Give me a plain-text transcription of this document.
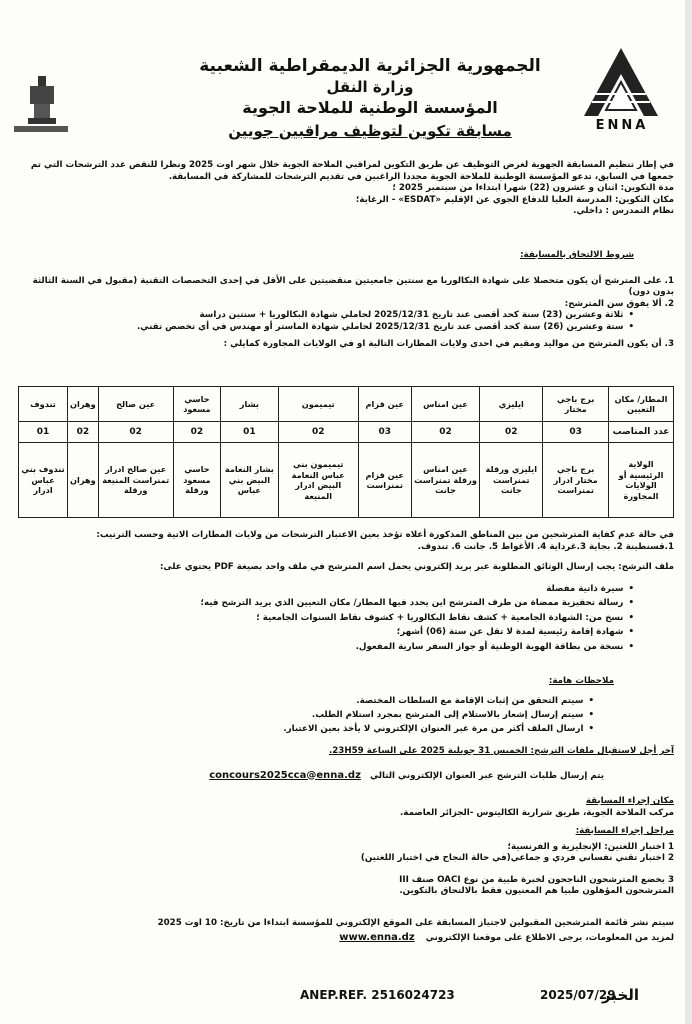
ENNA
الجمهورية الجزائرية الديمقراطية الشعبية
وزارة النقل
المؤسسة الوطنية للملاحة الجوية
مسابقة تكوين لتوظيف مراقبين جويين
في إطار تنظيم المسابقة الجهوية لغرض التوظيف عن طريق التكوين لمراقبي الملاحة الجوية خلال شهر اوت 2025 ونظرا للنقص عدد الترشحات التي تم جمعها في السابق، تدعو المؤسسة الوطنية للملاحة الجوية مجددا الراغبين في تقديم الترشحات للمشاركة في المسابقة.
مدة التكوين: اثنان و عشرون (22) شهرا ابتداءا من سبتمبر 2025 ؛
مكان التكوين: المدرسة العليا للدفاع الجوي عن الإقليم «ESDAT» - الرغاية؛
نظام التمدرس : داخلي.
شروط الالتحاق بالمسابقة:
1. على المترشح أن يكون متحصلا على شهادة البكالوريا مع سنتين جامعيتين منقضيتين على الأقل في إحدى التخصصات التقنية (مقبول في السنة الثالثة بدون دون)
2. ألا يفوق سن المترشح:
• ثلاثة وعشرين (23) سنة كحد أقصى عند تاريخ 2025/12/31 لحاملي شهادة البكالوريا + سنتين دراسة
• ستة وعشرين (26) سنة كحد أقصى عند تاريخ 2025/12/31 لحاملي شهادة الماستر أو مهندس في أي تخصص تقني.
3. أن يكون المترشح من مواليد ومقيم في احدى ولايات المطارات التالية او في الولايات المجاورة كمايلي :
المطار/ مكان التعيين	برج باجي مختار	ايليزي	عين امناس	عين قزام	تيميمون	بشار	حاسي مسعود	عين صالح	وهران	تندوف
عدد المناصب	03	02	02	03	02	01	02	02	02	01
الولاية الرئيسية أو الولايات المجاورة	برج باجي مختار ادرار تمنراست	ايليزي ورقلة تمنراست جانت	عين امناس ورقلة تمنراست جانت	عين قزام تمنراست	تيميمون بني عباس النعامة البيض ادرار المنيعة	بشار النعامة البيض بني عباس	حاسي مسعود ورقلة	عين صالح ادرار تمنراست المنيعة ورقلة	وهران	تندوف بني عباس ادرار
في حالة عدم كفاية المترشحين من بين المناطق المذكورة أعلاه تؤخذ بعين الاعتبار الترشحات من ولايات المطارات الاتية وحسب الترتيب:
1.قسنطينة 2. بجاية 3.غرداية 4. الأغواط 5. جانت 6. تندوف.
ملف الترشح: يجب إرسال الوثائق المطلوبة عبر بريد إلكتروني يحمل اسم المترشح في ملف واحد بصيغة PDF يحتوي على:
• سيرة ذاتية مفصلة
• رسالة تحفيزية ممضاة من طرف المترشح اين يحدد فيها المطار/ مكان التعيين الذي يريد الترشح فيه؛
• نسخ من: الشهادة الجامعية + كشف نقاط البكالوريا + كشوف نقاط السنوات الجامعية ؛
• شهادة إقامة رئيسية لمدة لا تقل عن ستة (06) أشهر؛
• نسخة من بطاقة الهوية الوطنية أو جواز السفر سارية المفعول.
ملاحظات هامة:
• سيتم التحقق من إثبات الإقامة مع السلطات المختصة.
• سيتم إرسال إشعار بالاستلام إلى المترشح بمجرد استلام الطلب.
• ارسال الملف أكثر من مرة عبر العنوان الإلكتروني لا يأخذ بعين الاعتبار.
آخر أجل لاستقبال ملفات الترشح: الخميس 31 جويلية 2025 على الساعة 23H59.
يتم إرسال طلبات الترشح عبر العنوان الإلكتروني التالي concours2025cca@enna.dz
مكان إجراء المسابقة
مركب الملاحة الجوية، طريق شرارية الكاليتوس -الجزائر العاصمة.
مراحل إجراء المسابقة:
1 اختبار اللغتين: الإنجليزية و الفرنسية؛
2 اختبار تقني نفساني فردي و جماعي(في حالة النجاح في اختبار اللغتين)
3 يخضع المترشحون الناجحون لخبرة طبية من نوع OACI صنف III
المترشحون المؤهلون طبيا هم المعنيون فقط بالالتحاق بالتكوين.
سيتم نشر قائمة المترشحين المقبولين لاجتياز المسابقة على الموقع الإلكتروني للمؤسسة ابتداءا من تاريخ: 10 اوت 2025
لمزيد من المعلومات، يرجى الاطلاع على موقعنا الإلكتروني www.enna.dz
الخبر
2025/07/29
ANEP.REF. 2516024723
